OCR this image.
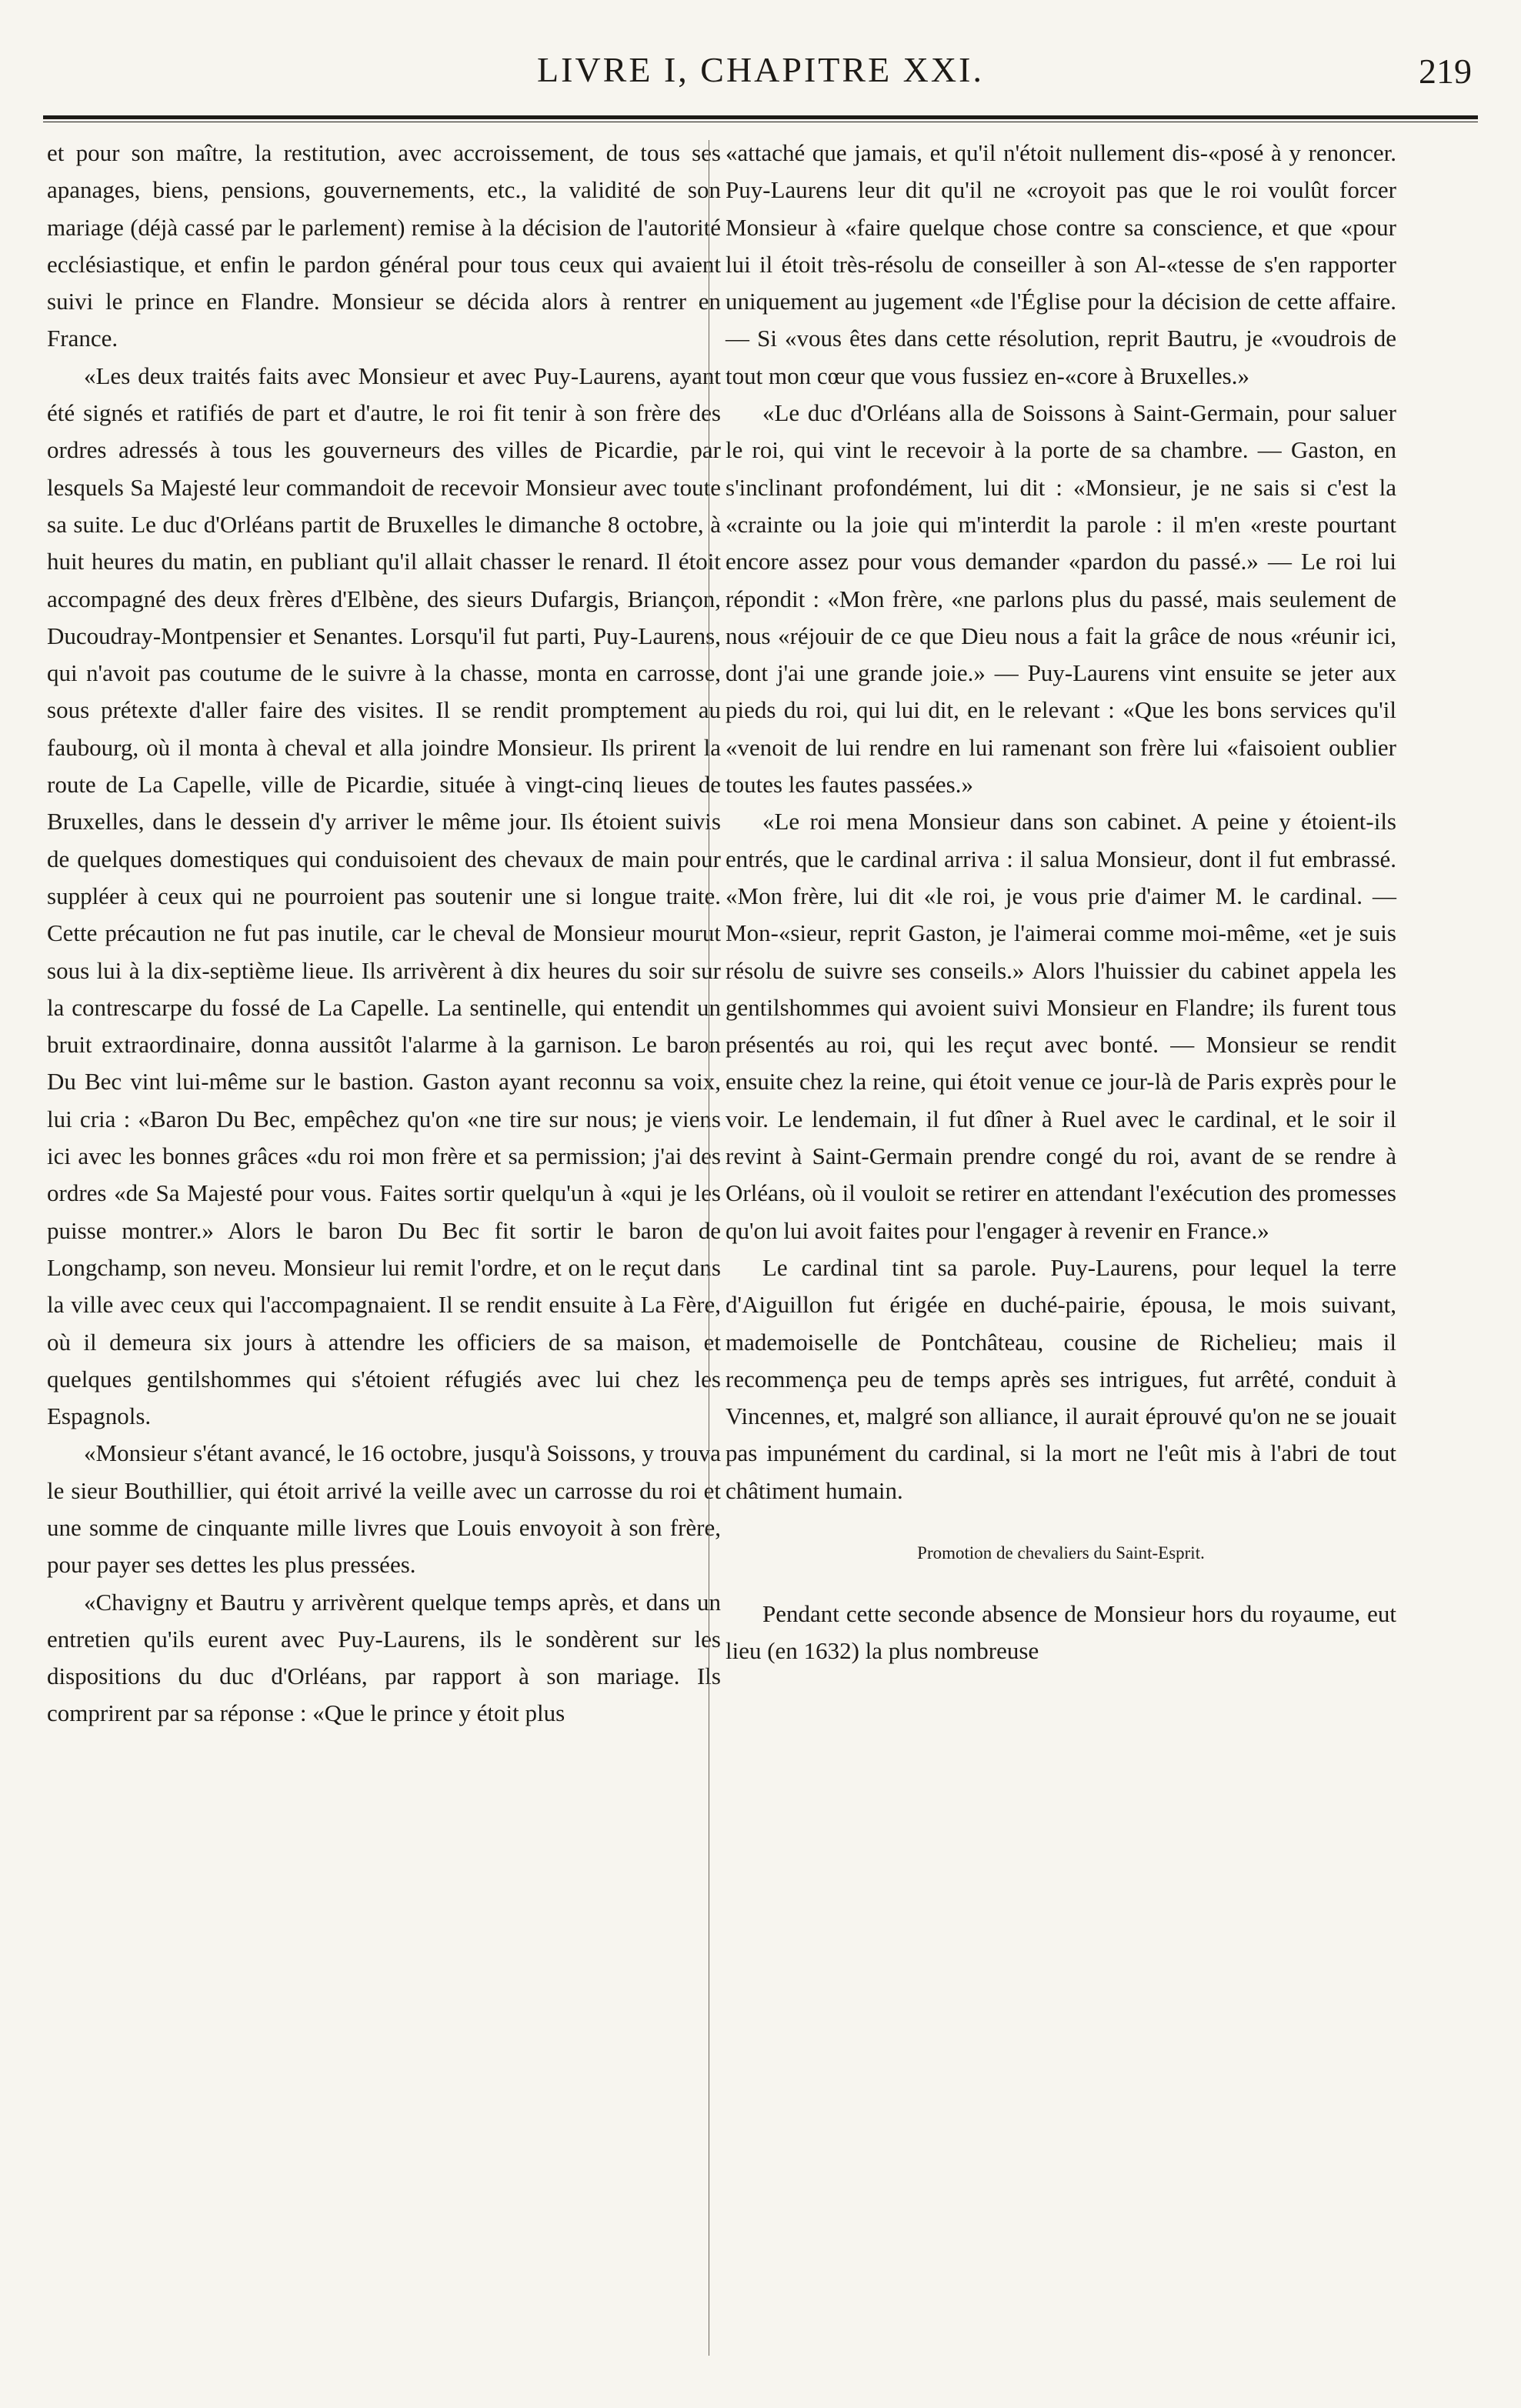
LIVRE I, CHAPITRE XXI.	219

et pour son maître, la restitution, avec accroissement, de tous ses apanages, biens, pensions, gouvernements, etc., la validité de son mariage (déjà cassé par le parlement) remise à la décision de l'autorité ecclésiastique, et enfin le pardon général pour tous ceux qui avaient suivi le prince en Flandre. Monsieur se décida alors à rentrer en France.

«Les deux traités faits avec Monsieur et avec Puy-Laurens, ayant été signés et ratifiés de part et d'autre, le roi fit tenir à son frère des ordres adressés à tous les gouverneurs des villes de Picardie, par lesquels Sa Majesté leur commandoit de recevoir Monsieur avec toute sa suite. Le duc d'Orléans partit de Bruxelles le dimanche 8 octobre, à huit heures du matin, en publiant qu'il allait chasser le renard. Il étoit accompagné des deux frères d'Elbène, des sieurs Dufargis, Briançon, Ducoudray-Montpensier et Senantes. Lorsqu'il fut parti, Puy-Laurens, qui n'avoit pas coutume de le suivre à la chasse, monta en carrosse, sous prétexte d'aller faire des visites. Il se rendit promptement au faubourg, où il monta à cheval et alla joindre Monsieur. Ils prirent la route de La Capelle, ville de Picardie, située à vingt-cinq lieues de Bruxelles, dans le dessein d'y arriver le même jour. Ils étoient suivis de quelques domestiques qui conduisoient des chevaux de main pour suppléer à ceux qui ne pourroient pas soutenir une si longue traite. Cette précaution ne fut pas inutile, car le cheval de Monsieur mourut sous lui à la dix-septième lieue. Ils arrivèrent à dix heures du soir sur la contrescarpe du fossé de La Capelle. La sentinelle, qui entendit un bruit extraordinaire, donna aussitôt l'alarme à la garnison. Le baron Du Bec vint lui-même sur le bastion. Gaston ayant reconnu sa voix, lui cria : «Baron Du Bec, empêchez qu'on «ne tire sur nous; je viens ici avec les bonnes grâces «du roi mon frère et sa permission; j'ai des ordres «de Sa Majesté pour vous. Faites sortir quelqu'un à «qui je les puisse montrer.» Alors le baron Du Bec fit sortir le baron de Longchamp, son neveu. Monsieur lui remit l'ordre, et on le reçut dans la ville avec ceux qui l'accompagnaient. Il se rendit ensuite à La Fère, où il demeura six jours à attendre les officiers de sa maison, et quelques gentilshommes qui s'étoient réfugiés avec lui chez les Espagnols.

«Monsieur s'étant avancé, le 16 octobre, jusqu'à Soissons, y trouva le sieur Bouthillier, qui étoit arrivé la veille avec un carrosse du roi et une somme de cinquante mille livres que Louis envoyoit à son frère, pour payer ses dettes les plus pressées.

«Chavigny et Bautru y arrivèrent quelque temps après, et dans un entretien qu'ils eurent avec Puy-Laurens, ils le sondèrent sur les dispositions du duc d'Orléans, par rapport à son mariage. Ils comprirent par sa réponse : «Que le prince y étoit plus

«attaché que jamais, et qu'il n'étoit nullement dis-«posé à y renoncer. Puy-Laurens leur dit qu'il ne «croyoit pas que le roi voulût forcer Monsieur à «faire quelque chose contre sa conscience, et que «pour lui il étoit très-résolu de conseiller à son Al-«tesse de s'en rapporter uniquement au jugement «de l'Église pour la décision de cette affaire. — Si «vous êtes dans cette résolution, reprit Bautru, je «voudrois de tout mon cœur que vous fussiez en-«core à Bruxelles.»

«Le duc d'Orléans alla de Soissons à Saint-Germain, pour saluer le roi, qui vint le recevoir à la porte de sa chambre. — Gaston, en s'inclinant profondément, lui dit : «Monsieur, je ne sais si c'est la «crainte ou la joie qui m'interdit la parole : il m'en «reste pourtant encore assez pour vous demander «pardon du passé.» — Le roi lui répondit : «Mon frère, «ne parlons plus du passé, mais seulement de nous «réjouir de ce que Dieu nous a fait la grâce de nous «réunir ici, dont j'ai une grande joie.» — Puy-Laurens vint ensuite se jeter aux pieds du roi, qui lui dit, en le relevant : «Que les bons services qu'il «venoit de lui rendre en lui ramenant son frère lui «faisoient oublier toutes les fautes passées.»

«Le roi mena Monsieur dans son cabinet. A peine y étoient-ils entrés, que le cardinal arriva : il salua Monsieur, dont il fut embrassé. «Mon frère, lui dit «le roi, je vous prie d'aimer M. le cardinal. — Mon-«sieur, reprit Gaston, je l'aimerai comme moi-même, «et je suis résolu de suivre ses conseils.» Alors l'huissier du cabinet appela les gentilshommes qui avoient suivi Monsieur en Flandre; ils furent tous présentés au roi, qui les reçut avec bonté. — Monsieur se rendit ensuite chez la reine, qui étoit venue ce jour-là de Paris exprès pour le voir. Le lendemain, il fut dîner à Ruel avec le cardinal, et le soir il revint à Saint-Germain prendre congé du roi, avant de se rendre à Orléans, où il vouloit se retirer en attendant l'exécution des promesses qu'on lui avoit faites pour l'engager à revenir en France.»

Le cardinal tint sa parole. Puy-Laurens, pour lequel la terre d'Aiguillon fut érigée en duché-pairie, épousa, le mois suivant, mademoiselle de Pontchâteau, cousine de Richelieu; mais il recommença peu de temps après ses intrigues, fut arrêté, conduit à Vincennes, et, malgré son alliance, il aurait éprouvé qu'on ne se jouait pas impunément du cardinal, si la mort ne l'eût mis à l'abri de tout châtiment humain.

Promotion de chevaliers du Saint-Esprit.

Pendant cette seconde absence de Monsieur hors du royaume, eut lieu (en 1632) la plus nombreuse
